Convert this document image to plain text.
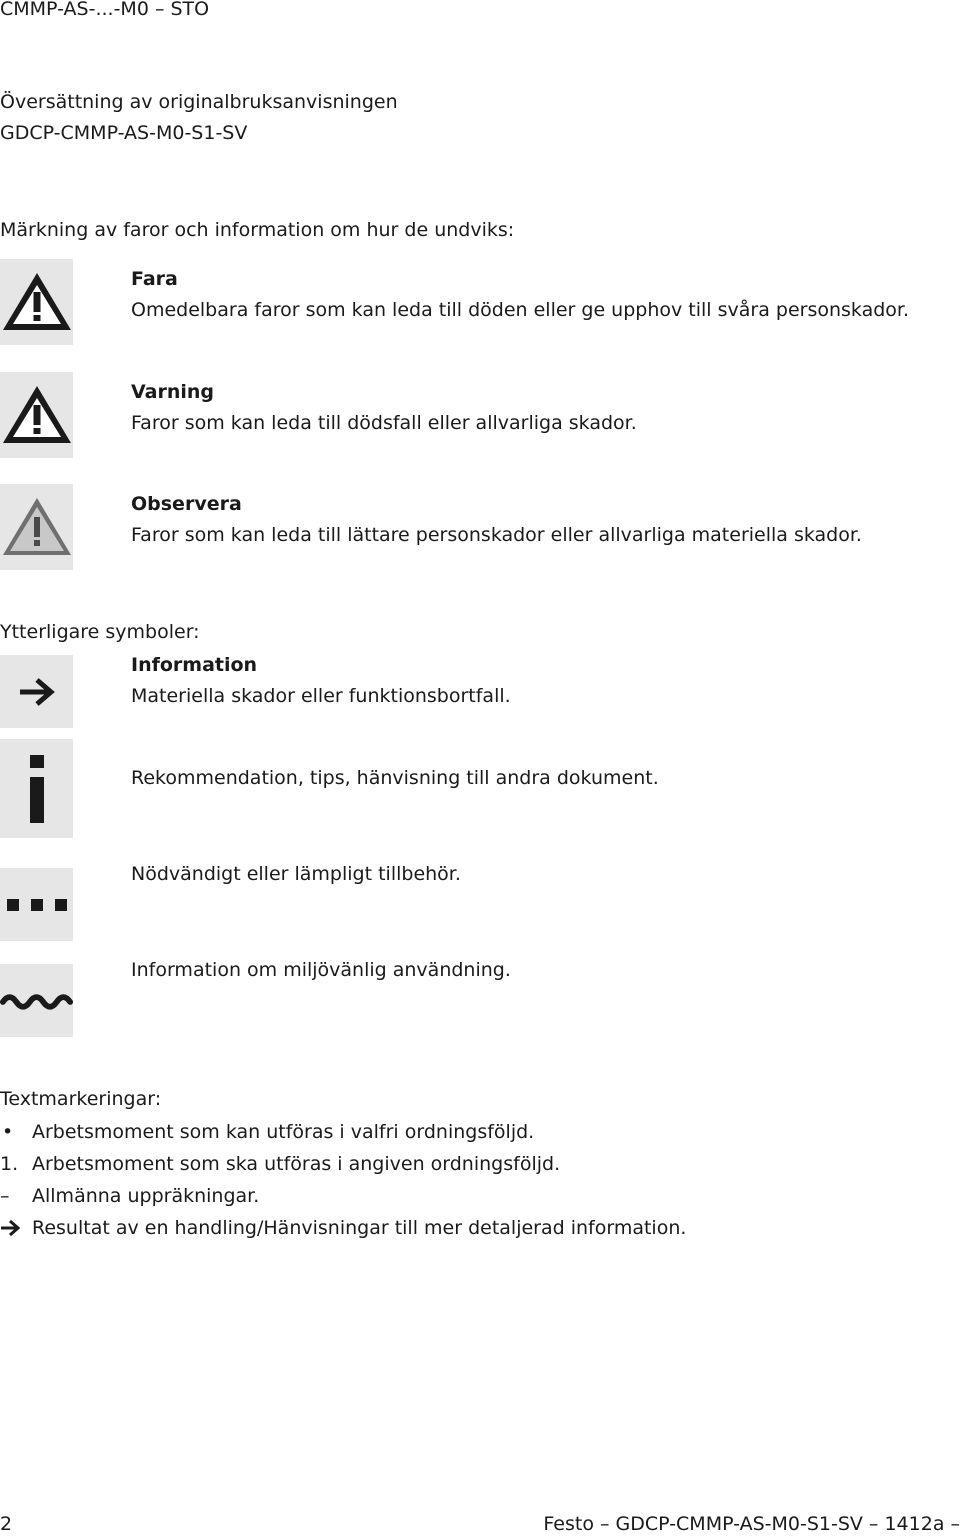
CMMP-AS-...-M0 – STO
Översättning av originalbruksanvisningen
GDCP-CMMP-AS-M0-S1-SV
Märkning av faror och information om hur de undviks:
Fara
Omedelbara faror som kan leda till döden eller ge upphov till svåra personskador.
Varning
Faror som kan leda till dödsfall eller allvarliga skador.
Observera
Faror som kan leda till lättare personskador eller allvarliga materiella skador.
Ytterligare symboler:
Information
Materiella skador eller funktionsbortfall.
Rekommendation, tips, hänvisning till andra dokument.
Nödvändigt eller lämpligt tillbehör.
Information om miljövänlig användning.
Textmarkeringar:
• Arbetsmoment som kan utföras i valfri ordningsföljd.
1. Arbetsmoment som ska utföras i angiven ordningsföljd.
– Allmänna uppräkningar.
Resultat av en handling/Hänvisningar till mer detaljerad information.
2	Festo – GDCP-CMMP-AS-M0-S1-SV – 1412a –
